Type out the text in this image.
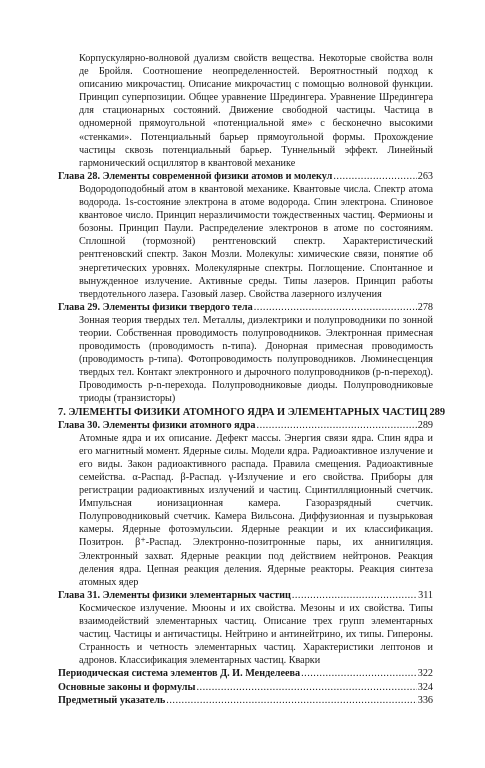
Корпускулярно-волновой дуализм свойств вещества. Некоторые свойства волн де Бройля. Соотношение неопределенностей. Вероятностный подход к описанию микрочастиц. Описание микрочастиц с помощью волновой функции. Принцип суперпозиции. Общее уравнение Шредингера. Уравнение Шредингера для стационарных состояний. Движение свободной частицы. Частица в одномерной прямоугольной «потенциальной яме» с бесконечно высокими «стенками». Потенциальный барьер прямоугольной формы. Прохождение частицы сквозь потенциальный барьер. Туннельный эффект. Линейный гармонический осциллятор в квантовой механике

Глава 28. Элементы современной физики атомов и молекул .....	263

Водородоподобный атом в квантовой механике. Квантовые числа. Спектр атома водорода. 1s-состояние электрона в атоме водорода. Спин электрона. Спиновое квантовое число. Принцип неразличимости тождественных частиц. Фермионы и бозоны. Принцип Паули. Распределение электронов в атоме по состояниям. Сплошной (тормозной) рентгеновский спектр. Характеристический рентгеновский спектр. Закон Мозли. Молекулы: химические связи, понятие об энергетических уровнях. Молекулярные спектры. Поглощение. Спонтанное и вынужденное излучение. Активные среды. Типы лазеров. Принцип работы твердотельного лазера. Газовый лазер. Свойства лазерного излучения

Глава 29. Элементы физики твердого тела .....	278

Зонная теория твердых тел. Металлы, диэлектрики и полупроводники по зонной теории. Собственная проводимость полупроводников. Электронная примесная проводимость (проводимость n-типа). Донорная примесная проводимость (проводимость p-типа). Фотопроводимость полупроводников. Люминесценция твердых тел. Контакт электронного и дырочного полупроводников (p-n-переход). Проводимость p-n-перехода. Полупроводниковые диоды. Полупроводниковые триоды (транзисторы)

7. ЭЛЕМЕНТЫ ФИЗИКИ АТОМНОГО ЯДРА И ЭЛЕМЕНТАРНЫХ ЧАСТИЦ 289
Глава 30. Элементы физики атомного ядра .....	289

Атомные ядра и их описание. Дефект массы. Энергия связи ядра. Спин ядра и его магнитный момент. Ядерные силы. Модели ядра. Радиоактивное излучение и его виды. Закон радиоактивного распада. Правила смещения. Радиоактивные семейства. α-Распад. β-Распад. γ-Излучение и его свойства. Приборы для регистрации радиоактивных излучений и частиц. Сцинтилляционный счетчик. Импульсная ионизационная камера. Газоразрядный счетчик. Полупроводниковый счетчик. Камера Вильсона. Диффузионная и пузырьковая камеры. Ядерные фотоэмульсии. Ядерные реакции и их классификация. Позитрон. β⁺-Распад. Электронно-позитронные пары, их аннигиляция. Электронный захват. Ядерные реакции под действием нейтронов. Реакция деления ядра. Цепная реакция деления. Ядерные реакторы. Реакция синтеза атомных ядер

Глава 31. Элементы физики элементарных частиц .....	311

Космическое излучение. Мюоны и их свойства. Мезоны и их свойства. Типы взаимодействий элементарных частиц. Описание трех групп элементарных частиц. Частицы и античастицы. Нейтрино и антинейтрино, их типы. Гипероны. Странность и четность элементарных частиц. Характеристики лептонов и адронов. Классификация элементарных частиц. Кварки

Периодическая система элементов Д. И. Менделеева .....	322
Основные законы и формулы .....	324
Предметный указатель .....	336
